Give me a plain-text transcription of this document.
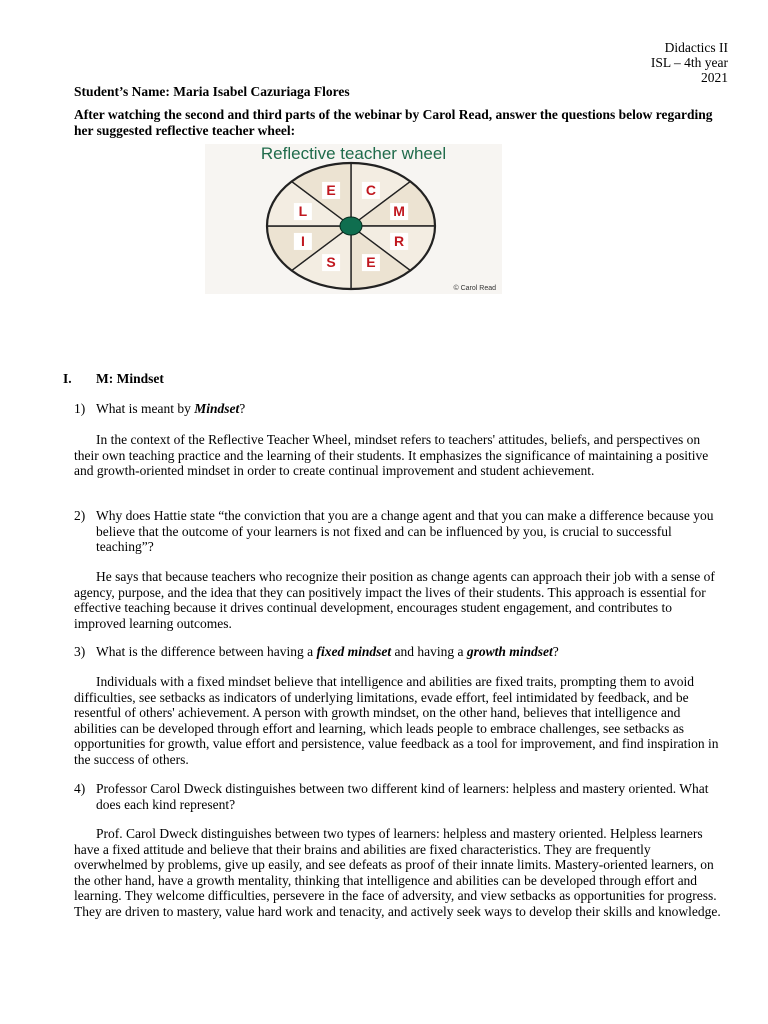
Didactics II
ISL – 4th year
2021
Student’s Name: Maria Isabel Cazuriaga Flores
After watching the second and third parts of the webinar by Carol Read, answer the questions below regarding her suggested reflective teacher wheel:
C
M
R
E
S
I
L
E
Reflective teacher wheel
© Carol Read
I. M: Mindset
1) What is meant by Mindset?
In the context of the Reflective Teacher Wheel, mindset refers to teachers' attitudes, beliefs, and perspectives on their own teaching practice and the learning of their students. It emphasizes the significance of maintaining a positive and growth-oriented mindset in order to create continual improvement and student achievement.
2) Why does Hattie state “the conviction that you are a change agent and that you can make a difference because you believe that the outcome of your learners is not fixed and can be influenced by you, is crucial to successful teaching”?
He says that because teachers who recognize their position as change agents can approach their job with a sense of agency, purpose, and the idea that they can positively impact the lives of their students. This approach is essential for effective teaching because it drives continual development, encourages student engagement, and contributes to improved learning outcomes.
3) What is the difference between having a fixed mindset and having a growth mindset?
Individuals with a fixed mindset believe that intelligence and abilities are fixed traits, prompting them to avoid difficulties, see setbacks as indicators of underlying limitations, evade effort, feel intimidated by feedback, and be resentful of others' achievement. A person with growth mindset, on the other hand, believes that intelligence and abilities can be developed through effort and learning, which leads people to embrace challenges, see setbacks as opportunities for growth, value effort and persistence, value feedback as a tool for improvement, and find inspiration in the success of others.
4) Professor Carol Dweck distinguishes between two different kind of learners: helpless and mastery oriented. What does each kind represent?
Prof. Carol Dweck distinguishes between two types of learners: helpless and mastery oriented. Helpless learners have a fixed attitude and believe that their brains and abilities are fixed characteristics. They are frequently overwhelmed by problems, give up easily, and see defeats as proof of their innate limits. Mastery-oriented learners, on the other hand, have a growth mentality, thinking that intelligence and abilities can be developed through effort and learning. They welcome difficulties, persevere in the face of adversity, and view setbacks as opportunities for progress. They are driven to mastery, value hard work and tenacity, and actively seek ways to develop their skills and knowledge.
